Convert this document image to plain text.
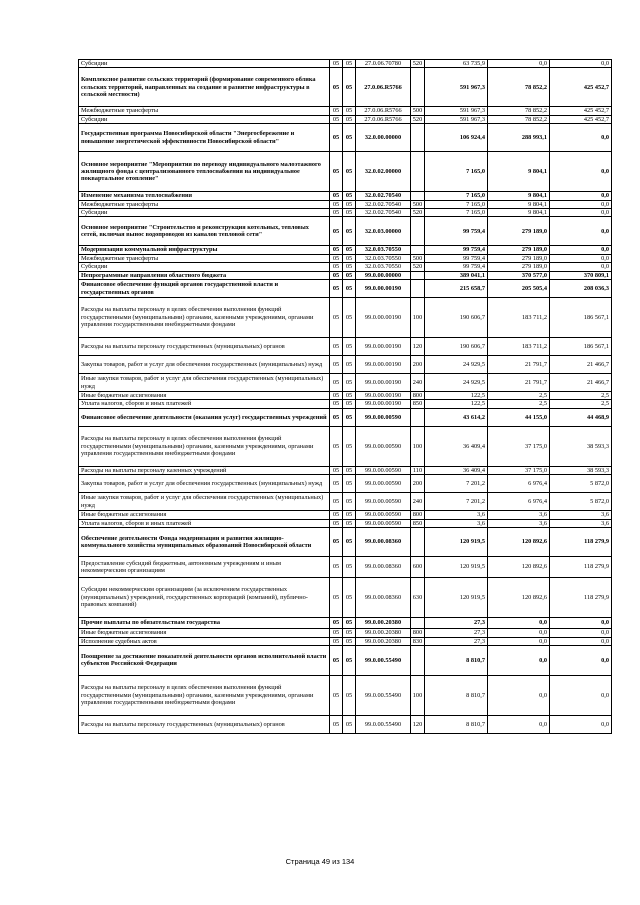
Субсидии	05	05	27.0.06.70780	520	63 735,9	0,0	0,0
Комплексное развитие сельских территорий (формирование современного облика сельских территорий, направленных на создание и развитие инфраструктуры в сельской местности)	05	05	27.0.06.R5766		591 967,3	78 852,2	425 452,7
Межбюджетные трансферты	05	05	27.0.06.R5766	500	591 967,3	78 852,2	425 452,7
Субсидии	05	05	27.0.06.R5766	520	591 967,3	78 852,2	425 452,7
Государственная программа Новосибирской области "Энергосбережение и повышение энергетической эффективности Новосибирской области"	05	05	32.0.00.00000		106 924,4	288 993,1	0,0
Основное мероприятие "Мероприятия по переводу индивидуального малоэтажного жилищного фонда с централизованного теплоснабжения на индивидуальное поквартальное отопление"	05	05	32.0.02.00000		7 165,0	9 804,1	0,0
Изменение механизма теплоснабжения	05	05	32.0.02.70540		7 165,0	9 804,1	0,0
Межбюджетные трансферты	05	05	32.0.02.70540	500	7 165,0	9 804,1	0,0
Субсидии	05	05	32.0.02.70540	520	7 165,0	9 804,1	0,0
Основное мероприятие "Строительство и реконструкция котельных, тепловых сетей, включая вынос водопроводов из каналов тепловой сети"	05	05	32.0.03.00000		99 759,4	279 189,0	0,0
Модернизация коммунальной инфраструктуры	05	05	32.0.03.70550		99 759,4	279 189,0	0,0
Межбюджетные трансферты	05	05	32.0.03.70550	500	99 759,4	279 189,0	0,0
Субсидии	05	05	32.0.03.70550	520	99 759,4	279 189,0	0,0
Непрограммные направления областного бюджета	05	05	99.0.00.00000		389 041,1	370 577,0	370 809,1
Финансовое обеспечение функций органов государственной власти и государственных органов	05	05	99.0.00.00190		215 658,7	205 505,4	208 036,3
Расходы на выплаты персоналу в целях обеспечения выполнения функций государственными (муниципальными) органами, казенными учреждениями, органами управления государственными внебюджетными фондами	05	05	99.0.00.00190	100	190 606,7	183 711,2	186 567,1
Расходы на выплаты персоналу государственных (муниципальных) органов	05	05	99.0.00.00190	120	190 606,7	183 711,2	186 567,1
Закупка товаров, работ и услуг для обеспечения государственных (муниципальных) нужд	05	05	99.0.00.00190	200	24 929,5	21 791,7	21 466,7
Иные закупки товаров, работ и услуг для обеспечения государственных (муниципальных) нужд	05	05	99.0.00.00190	240	24 929,5	21 791,7	21 466,7
Иные бюджетные ассигнования	05	05	99.0.00.00190	800	122,5	2,5	2,5
Уплата налогов, сборов и иных платежей	05	05	99.0.00.00190	850	122,5	2,5	2,5
Финансовое обеспечение деятельности (оказания услуг) государственных учреждений	05	05	99.0.00.00590		43 614,2	44 155,0	44 468,9
Расходы на выплаты персоналу в целях обеспечения выполнения функций государственными (муниципальными) органами, казенными учреждениями, органами управления государственными внебюджетными фондами	05	05	99.0.00.00590	100	36 409,4	37 175,0	38 593,3
Расходы на выплаты персоналу казенных учреждений	05	05	99.0.00.00590	110	36 409,4	37 175,0	38 593,3
Закупка товаров, работ и услуг для обеспечения государственных (муниципальных) нужд	05	05	99.0.00.00590	200	7 201,2	6 976,4	5 872,0
Иные закупки товаров, работ и услуг для обеспечения государственных (муниципальных) нужд	05	05	99.0.00.00590	240	7 201,2	6 976,4	5 872,0
Иные бюджетные ассигнования	05	05	99.0.00.00590	800	3,6	3,6	3,6
Уплата налогов, сборов и иных платежей	05	05	99.0.00.00590	850	3,6	3,6	3,6
Обеспечение деятельности Фонда модернизации и развития жилищно-коммунального хозяйства муниципальных образований Новосибирской области	05	05	99.0.00.08360		120 919,5	120 892,6	118 279,9
Предоставление субсидий бюджетным, автономным учреждениям и иным некоммерческим организациям	05	05	99.0.00.08360	600	120 919,5	120 892,6	118 279,9
Субсидии некоммерческим организациям (за исключением государственных (муниципальных) учреждений, государственных корпораций (компаний), публично-правовых компаний)	05	05	99.0.00.08360	630	120 919,5	120 892,6	118 279,9
Прочие выплаты по обязательствам государства	05	05	99.0.00.20380		27,3	0,0	0,0
Иные бюджетные ассигнования	05	05	99.0.00.20380	800	27,3	0,0	0,0
Исполнение судебных актов	05	05	99.0.00.20380	830	27,3	0,0	0,0
Поощрение за достижение показателей деятельности органов исполнительной власти субъектов Российской Федерации	05	05	99.0.00.55490		8 810,7	0,0	0,0
Расходы на выплаты персоналу в целях обеспечения выполнения функций государственными (муниципальными) органами, казенными учреждениями, органами управления государственными внебюджетными фондами	05	05	99.0.00.55490	100	8 810,7	0,0	0,0
Расходы на выплаты персоналу государственных (муниципальных) органов	05	05	99.0.00.55490	120	8 810,7	0,0	0,0
Страница 49 из 134
